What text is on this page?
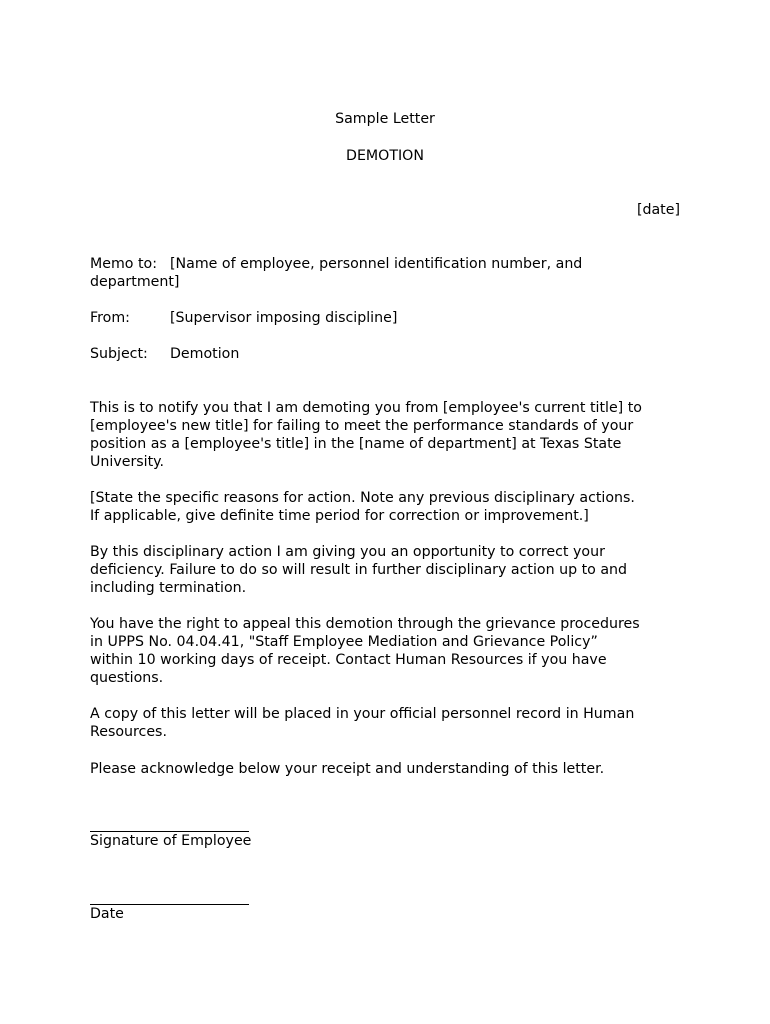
Sample Letter
DEMOTION
[date]
Memo to: [Name of employee, personnel identification number, and
department]
From:	[Supervisor imposing discipline]
Subject: Demotion
This is to notify you that I am demoting you from [employee's current title] to
[employee's new title] for failing to meet the performance standards of your
position as a [employee's title] in the [name of department] at Texas State
University.
[State the specific reasons for action. Note any previous disciplinary actions.
If applicable, give definite time period for correction or improvement.]
By this disciplinary action I am giving you an opportunity to correct your
deficiency. Failure to do so will result in further disciplinary action up to and
including termination.
You have the right to appeal this demotion through the grievance procedures
in UPPS No. 04.04.41, "Staff Employee Mediation and Grievance Policy”
within 10 working days of receipt. Contact Human Resources if you have
questions.
A copy of this letter will be placed in your official personnel record in Human
Resources.
Please acknowledge below your receipt and understanding of this letter.
Signature of Employee
Date
